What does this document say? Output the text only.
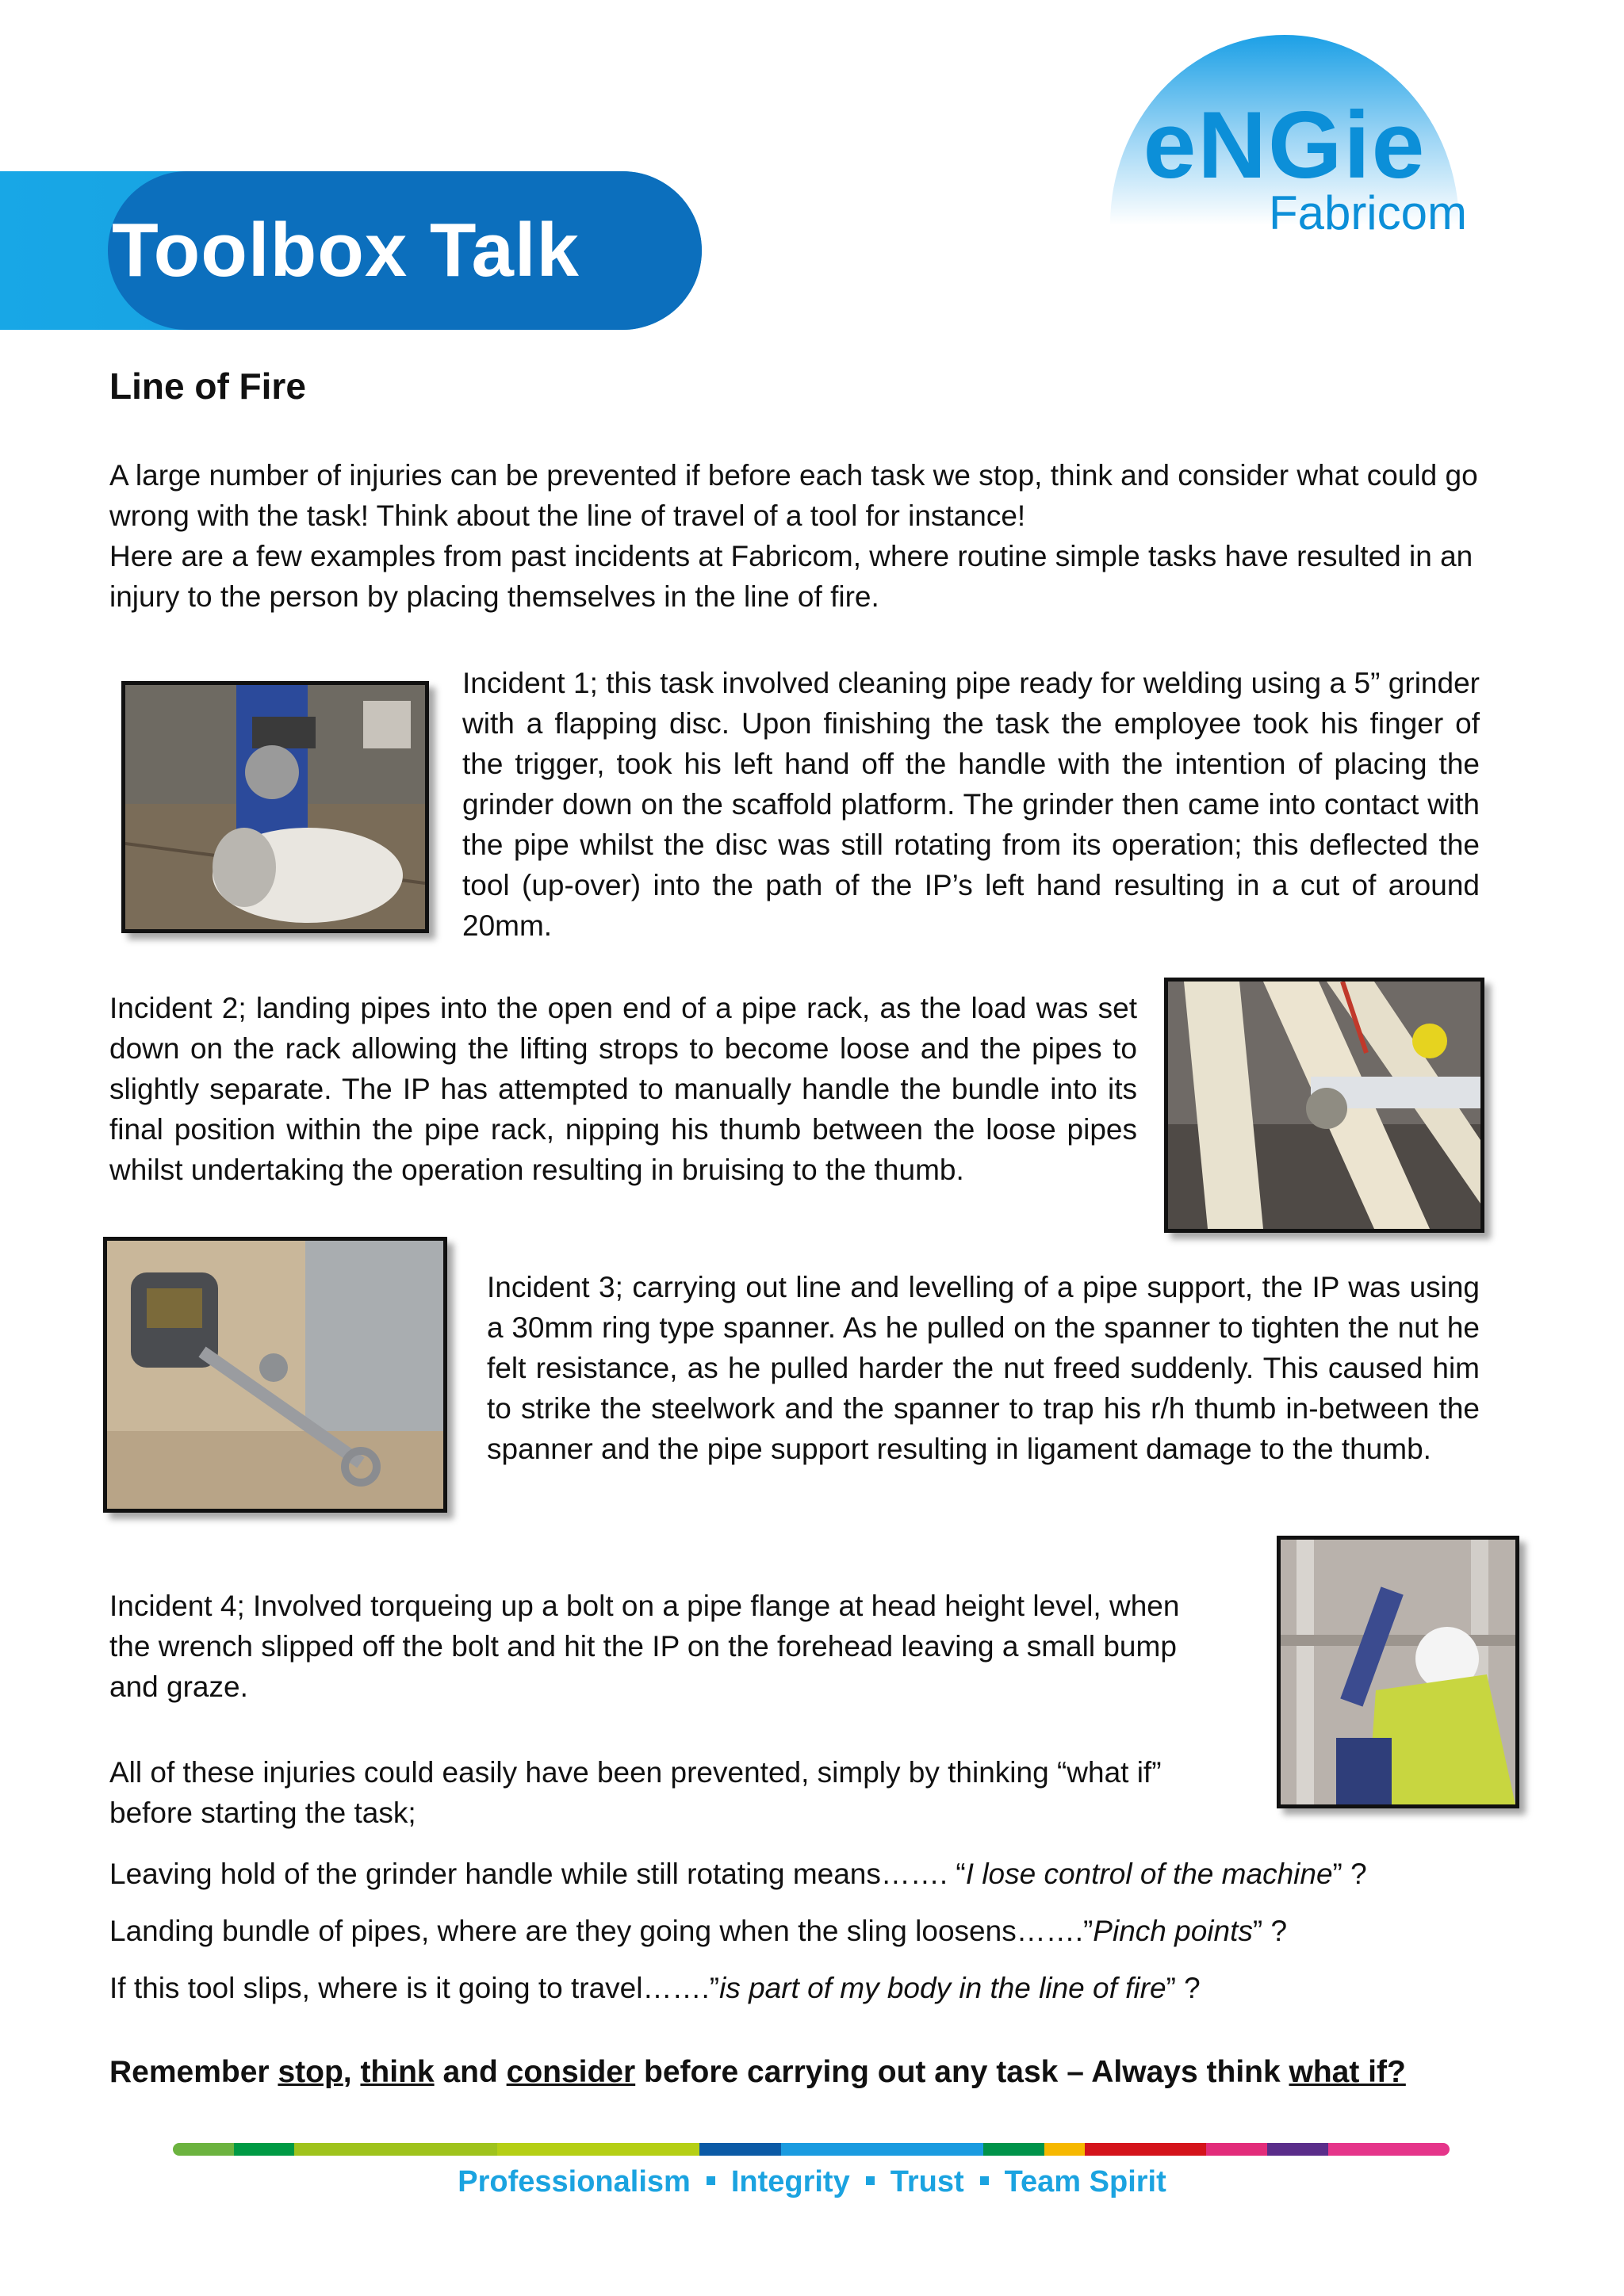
Toolbox Talk
eNGie
Fabricom
Line of Fire
A large number of injuries can be prevented if before each task we stop, think and consider what could go wrong with the task! Think about the line of travel of a tool for instance!
Here are a few examples from past incidents at Fabricom, where routine simple tasks have resulted in an injury to the person by placing themselves in the line of fire.
Incident 1; this task involved cleaning pipe ready for welding using a 5” grinder with a flapping disc. Upon finishing the task the employee took his finger of the trigger, took his left hand off the handle with the intention of placing the grinder down on the scaffold platform. The grinder then came into contact with the pipe whilst the disc was still rotating from its operation; this deflected the tool (up-over) into the path of the IP’s left hand resulting in a cut of around 20mm.
Incident 2; landing pipes into the open end of a pipe rack, as the load was set down on the rack allowing the lifting strops to become loose and the pipes to slightly separate. The IP has attempted to manually handle the bundle into its final position within the pipe rack, nipping his thumb between the loose pipes whilst undertaking the operation resulting in bruising to the thumb.
Incident 3; carrying out line and levelling of a pipe support, the IP was using a 30mm ring type spanner. As he pulled on the spanner to tighten the nut he felt resistance, as he pulled harder the nut freed suddenly. This caused him to strike the steelwork and the spanner to trap his r/h thumb in-between the spanner and the pipe support resulting in ligament damage to the thumb.
Incident 4; Involved torqueing up a bolt on a pipe flange at head height level, when the wrench slipped off the bolt and hit the IP on the forehead leaving a small bump and graze.
All of these injuries could easily have been prevented, simply by thinking “what if” before starting the task;
Leaving hold of the grinder handle while still rotating means……. “I lose control of the machine” ?
Landing bundle of pipes, where are they going when the sling loosens…….”Pinch points” ?
If this tool slips, where is it going to travel…….”is part of my body in the line of fire” ?
Remember stop, think and consider before carrying out any task – Always think what if?
Professionalism Integrity Trust Team Spirit
